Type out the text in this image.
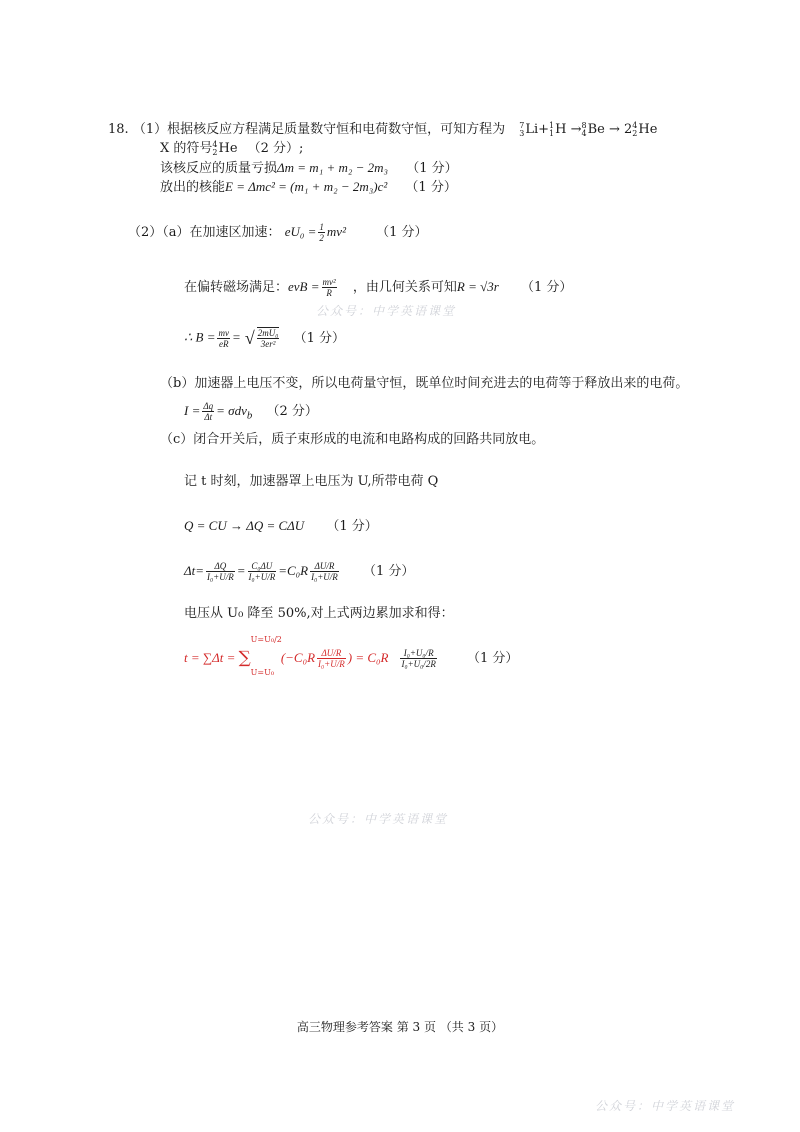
18. （1）根据核反应方程满足质量数守恒和电荷数守恒，可知方程为 7
3 Li+ 1
1 H → 8
4 Be → 2 4
2 He
X 的符号 4
2 He （2 分）;
该核反应的质量亏损Δm = m₁ + m₂ − 2m₃ （1 分）
放出的核能E = Δmc² = (m₁ + m₂ − 2m₃)c² （1 分）
（2）（a）在加速区加速： $eU_0 = \frac{1}{2} mv^2$ （1 分）
在偏转磁场满足：evB = $\frac{\text{mv²}}{R}$ ，由几何关系可知R = √3r （1 分）
∴ $B = \frac{mv}{eR}$ = √ $\frac{\text{2mU₀}}{\text{3er²}} (1$ 分）
（b）加速器上电压不变，所以电荷量守恒，既单位时间充进去的电荷等于释放出来的电荷。
$I = \frac{\Delta q}{\Delta t} = \sigma dv_b$ （2 分）
（c）闭合开关后，质子束形成的电流和电路构成的回路共同放电。
记 t 时刻，加速器罩上电压为 U,所带电荷 Q
Q = CU → ΔQ = CΔU （1 分）
$\Delta t= \frac{\Delta Q}{\text{I₀+U/R}} = \frac{\text{C₀ΔU}}{\text{I₀+U/R}} =C_0R \frac{\Delta U/R}{\text{I₀+U/R}} (1$ 分）
电压从 U₀ 降至 50%,对上式两边累加求和得：
t = ∑Δt =
U=U₀/2
∑
U=U₀
($-C_0R \frac{\Delta U/R}{\text{I₀+U/R}}$ ) = $C_0R \frac{\text{I₀+U₀/R}}{\text{I₀+U₀/2R}} (1$ 分）
公众号：中学英语课堂
公众号：中学英语课堂
公众号：中学英语课堂
高三物理参考答案 第 3 页 （共 3 页）
